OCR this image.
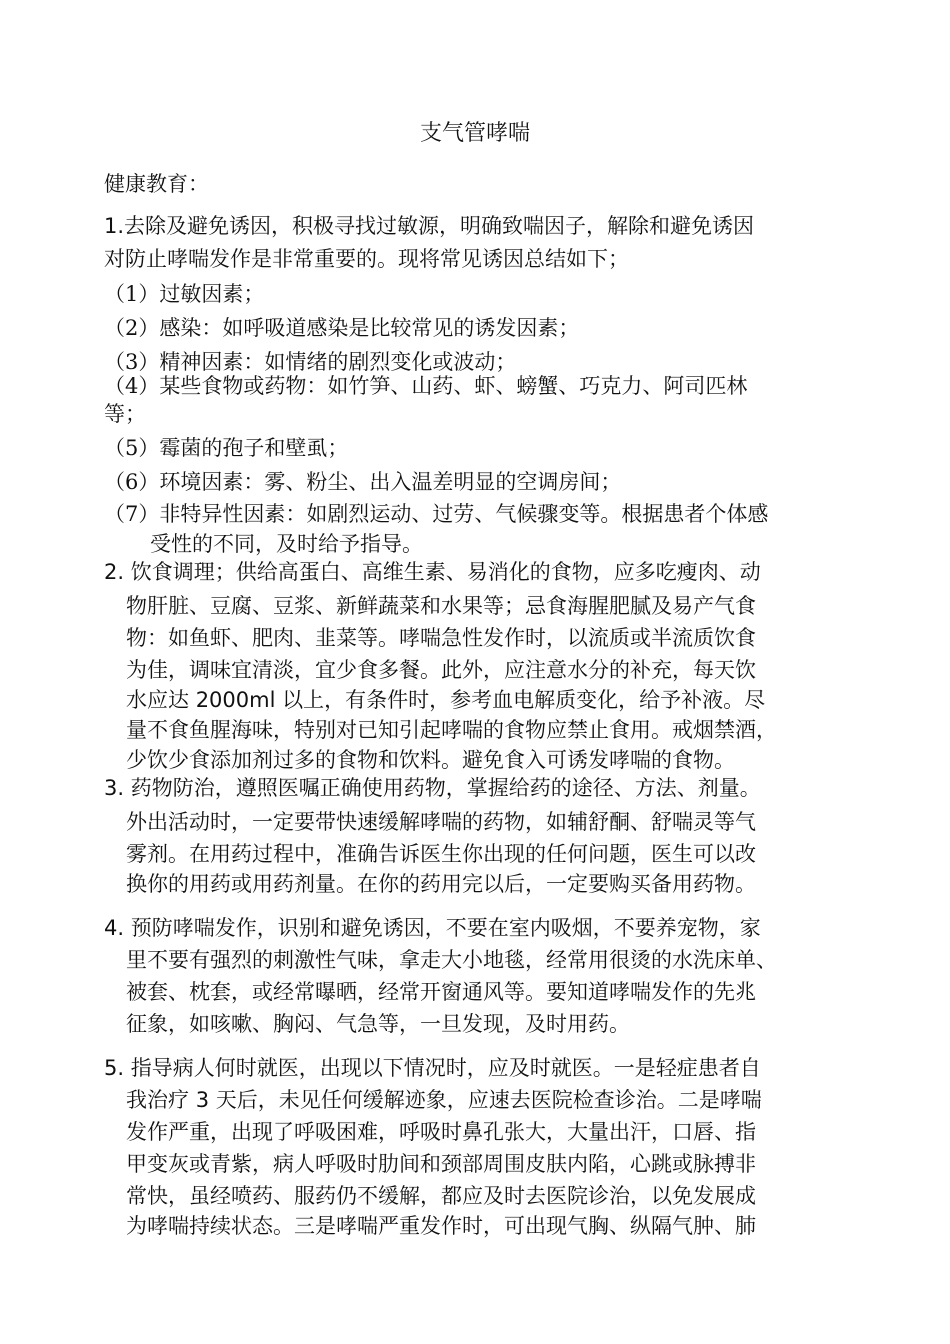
支气管哮喘
健康教育：
1.去除及避免诱因，积极寻找过敏源，明确致喘因子，解除和避免诱因
对防止哮喘发作是非常重要的。现将常见诱因总结如下；
（1）过敏因素；
（2）感染：如呼吸道感染是比较常见的诱发因素；
（3）精神因素：如情绪的剧烈变化或波动；
（4）某些食物或药物：如竹笋、山药、虾、螃蟹、巧克力、阿司匹林
等；
（5）霉菌的孢子和壁虱；
（6）环境因素：雾、粉尘、出入温差明显的空调房间；
（7）非特异性因素：如剧烈运动、过劳、气候骤变等。根据患者个体感
受性的不同，及时给予指导。
2. 饮食调理；供给高蛋白、高维生素、易消化的食物，应多吃瘦肉、动
物肝脏、豆腐、豆浆、新鲜蔬菜和水果等；忌食海腥肥腻及易产气食
物：如鱼虾、肥肉、韭菜等。哮喘急性发作时，以流质或半流质饮食
为佳，调味宜清淡，宜少食多餐。此外，应注意水分的补充，每天饮
水应达 2000ml 以上，有条件时，参考血电解质变化，给予补液。尽
量不食鱼腥海味，特别对已知引起哮喘的食物应禁止食用。戒烟禁酒，
少饮少食添加剂过多的食物和饮料。避免食入可诱发哮喘的食物。
3. 药物防治，遵照医嘱正确使用药物，掌握给药的途径、方法、剂量。
外出活动时，一定要带快速缓解哮喘的药物，如辅舒酮、舒喘灵等气
雾剂。在用药过程中，准确告诉医生你出现的任何问题，医生可以改
换你的用药或用药剂量。在你的药用完以后，一定要购买备用药物。
4. 预防哮喘发作，识别和避免诱因，不要在室内吸烟，不要养宠物，家
里不要有强烈的刺激性气味，拿走大小地毯，经常用很烫的水洗床单、
被套、枕套，或经常曝晒，经常开窗通风等。要知道哮喘发作的先兆
征象，如咳嗽、胸闷、气急等，一旦发现，及时用药。
5. 指导病人何时就医，出现以下情况时，应及时就医。一是轻症患者自
我治疗 3 天后，未见任何缓解迹象，应速去医院检查诊治。二是哮喘
发作严重，出现了呼吸困难，呼吸时鼻孔张大，大量出汗，口唇、指
甲变灰或青紫，病人呼吸时肋间和颈部周围皮肤内陷，心跳或脉搏非
常快，虽经喷药、服药仍不缓解，都应及时去医院诊治，以免发展成
为哮喘持续状态。三是哮喘严重发作时，可出现气胸、纵隔气肿、肺
